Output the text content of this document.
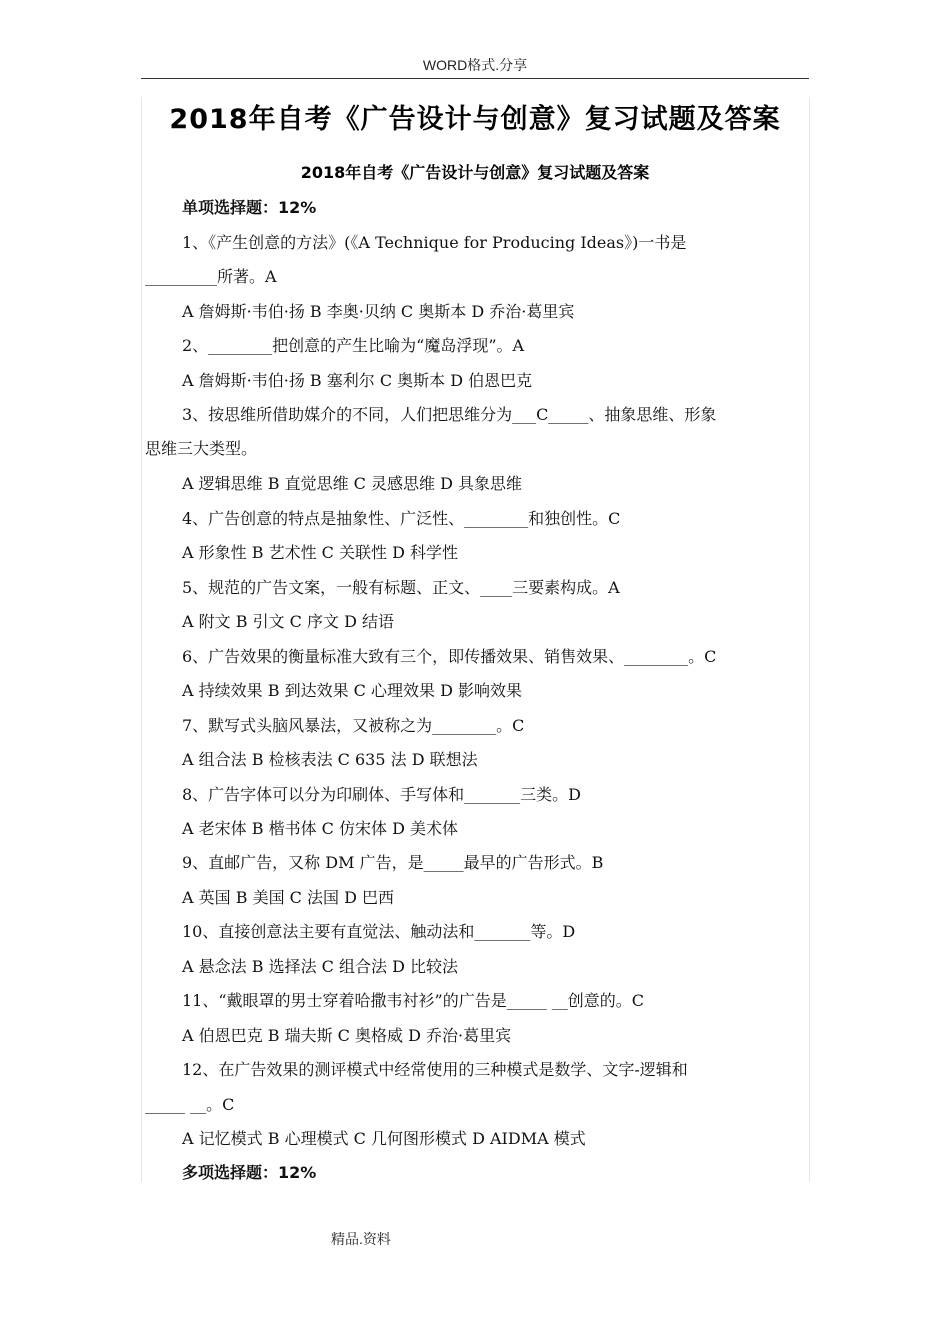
WORD格式.分享
2018年自考《广告设计与创意》复习试题及答案
2018年自考《广告设计与创意》复习试题及答案
单项选择题：12%
1、《产生创意的方法》(《A Technique for Producing Ideas》)一书是
_________所著。A
A 詹姆斯·韦伯·扬 B 李奥·贝纳 C 奥斯本 D 乔治·葛里宾
2、________把创意的产生比喻为“魔岛浮现”。A
A 詹姆斯·韦伯·扬 B 塞利尔 C 奥斯本 D 伯恩巴克
3、按思维所借助媒介的不同，人们把思维分为___C_____、抽象思维、形象
思维三大类型。
A 逻辑思维 B 直觉思维 C 灵感思维 D 具象思维
4、广告创意的特点是抽象性、广泛性、________和独创性。C
A 形象性 B 艺术性 C 关联性 D 科学性
5、规范的广告文案，一般有标题、正文、____三要素构成。A
A 附文 B 引文 C 序文 D 结语
6、广告效果的衡量标准大致有三个，即传播效果、销售效果、________。C
A 持续效果 B 到达效果 C 心理效果 D 影响效果
7、默写式头脑风暴法，又被称之为________。C
A 组合法 B 检核表法 C 635 法 D 联想法
8、广告字体可以分为印刷体、手写体和_______三类。D
A 老宋体 B 楷书体 C 仿宋体 D 美术体
9、直邮广告，又称 DM 广告，是_____最早的广告形式。B
A 英国 B 美国 C 法国 D 巴西
10、直接创意法主要有直觉法、触动法和_______等。D
A 悬念法 B 选择法 C 组合法 D 比较法
11、“戴眼罩的男士穿着哈撒韦衬衫”的广告是_____ __创意的。C
A 伯恩巴克 B 瑞夫斯 C 奥格威 D 乔治·葛里宾
12、在广告效果的测评模式中经常使用的三种模式是数学、文字-逻辑和
_____ __。C
A 记忆模式 B 心理模式 C 几何图形模式 D AIDMA 模式
多项选择题：12%
精品.资料
